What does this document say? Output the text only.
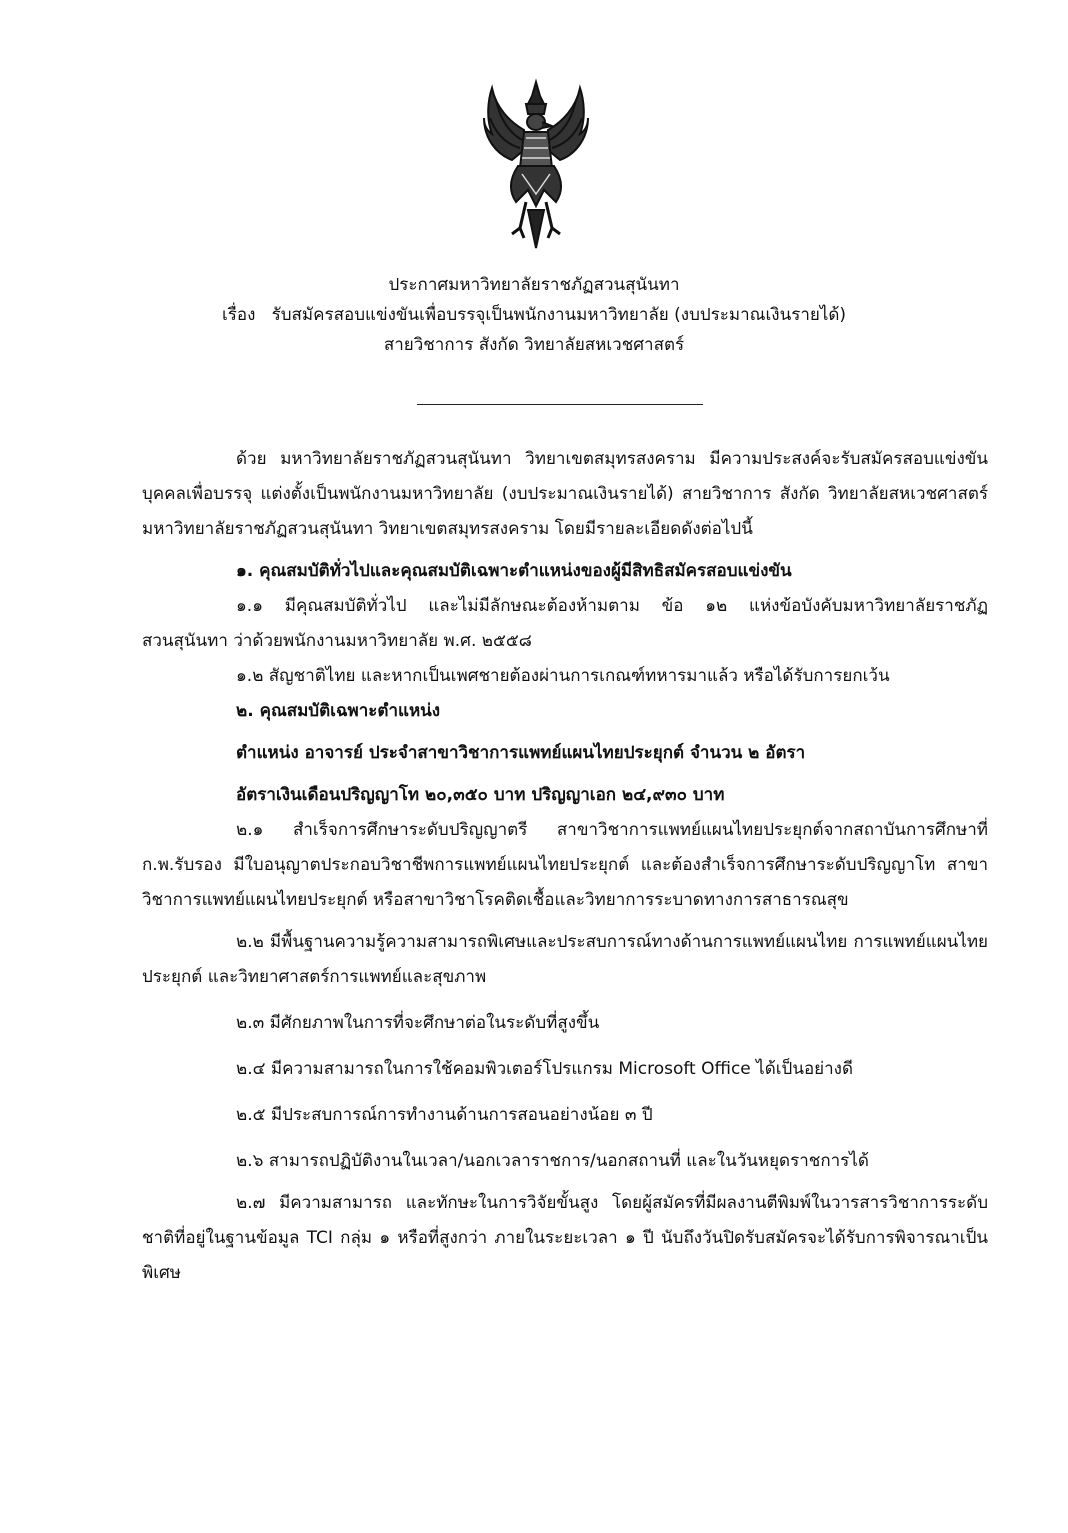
ประกาศมหาวิทยาลัยราชภัฏสวนสุนันทา
เรื่อง   รับสมัครสอบแข่งขันเพื่อบรรจุเป็นพนักงานมหาวิทยาลัย (งบประมาณเงินรายได้)
สายวิชาการ สังกัด วิทยาลัยสหเวชศาสตร์

ด้วย มหาวิทยาลัยราชภัฏสวนสุนันทา วิทยาเขตสมุทรสงคราม มีความประสงค์จะรับสมัครสอบแข่งขันบุคคลเพื่อบรรจุ แต่งตั้งเป็นพนักงานมหาวิทยาลัย (งบประมาณเงินรายได้) สายวิชาการ สังกัด วิทยาลัยสหเวชศาสตร์ มหาวิทยาลัยราชภัฏสวนสุนันทา วิทยาเขตสมุทรสงคราม โดยมีรายละเอียดดังต่อไปนี้

๑. คุณสมบัติทั่วไปและคุณสมบัติเฉพาะตำแหน่งของผู้มีสิทธิสมัครสอบแข่งขัน

๑.๑ มีคุณสมบัติทั่วไป และไม่มีลักษณะต้องห้ามตาม ข้อ ๑๒ แห่งข้อบังคับมหาวิทยาลัยราชภัฏสวนสุนันทา ว่าด้วยพนักงานมหาวิทยาลัย พ.ศ. ๒๕๕๘

๑.๒ สัญชาติไทย และหากเป็นเพศชายต้องผ่านการเกณฑ์ทหารมาแล้ว หรือได้รับการยกเว้น

๒. คุณสมบัติเฉพาะตำแหน่ง

ตำแหน่ง อาจารย์ ประจำสาขาวิชาการแพทย์แผนไทยประยุกต์ จำนวน ๒ อัตรา

อัตราเงินเดือนปริญญาโท ๒๐,๓๕๐ บาท ปริญญาเอก ๒๔,๙๓๐ บาท

๒.๑ สำเร็จการศึกษาระดับปริญญาตรี สาขาวิชาการแพทย์แผนไทยประยุกต์จากสถาบันการศึกษาที่ ก.พ.รับรอง มีใบอนุญาตประกอบวิชาชีพการแพทย์แผนไทยประยุกต์ และต้องสำเร็จการศึกษาระดับปริญญาโท สาขาวิชาการแพทย์แผนไทยประยุกต์ หรือสาขาวิชาโรคติดเชื้อและวิทยาการระบาดทางการสาธารณสุข

๒.๒ มีพื้นฐานความรู้ความสามารถพิเศษและประสบการณ์ทางด้านการแพทย์แผนไทย การแพทย์แผนไทยประยุกต์ และวิทยาศาสตร์การแพทย์และสุขภาพ

๒.๓ มีศักยภาพในการที่จะศึกษาต่อในระดับที่สูงขึ้น

๒.๔ มีความสามารถในการใช้คอมพิวเตอร์โปรแกรม Microsoft Office ได้เป็นอย่างดี

๒.๕ มีประสบการณ์การทำงานด้านการสอนอย่างน้อย ๓ ปี

๒.๖ สามารถปฏิบัติงานในเวลา/นอกเวลาราชการ/นอกสถานที่ และในวันหยุดราชการได้

๒.๗ มีความสามารถ และทักษะในการวิจัยขั้นสูง โดยผู้สมัครที่มีผลงานตีพิมพ์ในวารสารวิชาการระดับชาติที่อยู่ในฐานข้อมูล TCI กลุ่ม ๑ หรือที่สูงกว่า ภายในระยะเวลา ๑ ปี นับถึงวันปิดรับสมัครจะได้รับการพิจารณาเป็นพิเศษ
